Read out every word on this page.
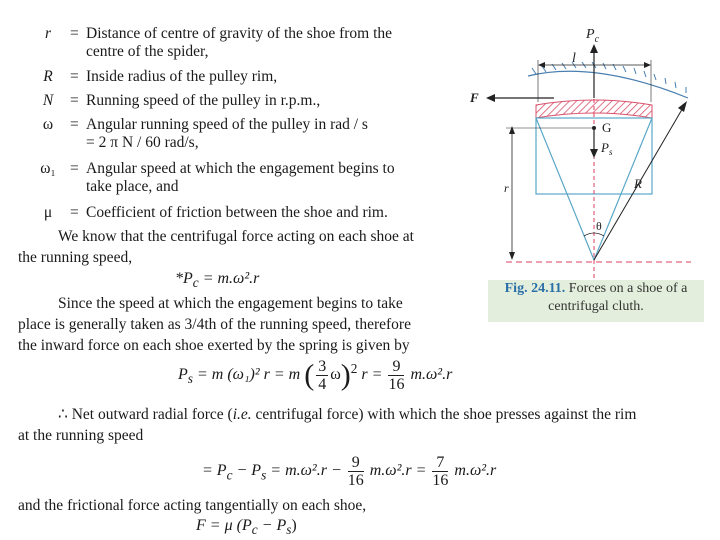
r	= Distance of centre of gravity of the shoe from the
centre of the spider,
R	= Inside radius of the pulley rim,
N	= Running speed of the pulley in r.p.m.,
ω	= Angular running speed of the pulley in rad / s
= 2 π N / 60 rad/s,
ω₁ = Angular speed at which the engagement begins to
take place, and
μ	= Coefficient of friction between the shoe and rim.
We know that the centrifugal force acting on each shoe at
the running speed,
$*P_c = m.\omega^2.r$
Since the speed at which the engagement begins to take
place is generally taken as 3/4th of the running speed, therefore
the inward force on each shoe exerted by the spring is given by
$P_s = m$ (ω₁)² r = m ( $\frac{3}{4} \omega)^2$ $r = \frac{9}{16} m.\omega^2.r$
∴ Net outward radial force (i.e. centrifugal force) with which the shoe presses against the rim
at the running speed
= $P_c - P_s = m.\omega^2.r - \frac{9}{16} m.\omega^2.r = \frac{7}{16} m.\omega^2.r$
and the frictional force acting tangentially on each shoe,
F = μ $(P_c - P_s)$
$P_c$
l
F
G
$P_s$
r	R
θ
Fig. 24.11. Forces on a shoe of a centrifugal cluth.
